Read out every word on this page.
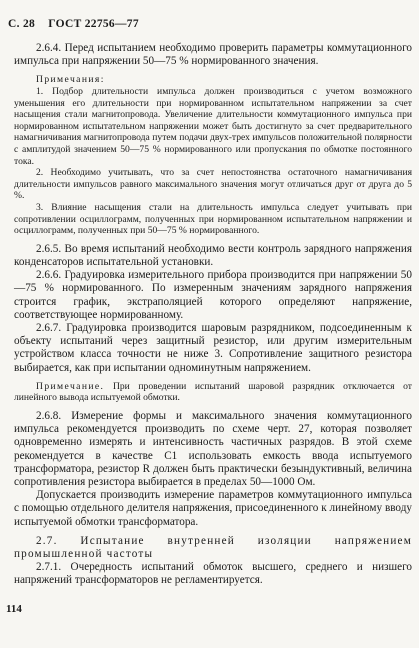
С. 28 ГОСТ 22756—77

2.6.4. Перед испытанием необходимо проверить параметры коммутационного импульса при напряжении 50—75 % нормированного значения.

Примечания:

1. Подбор длительности импульса должен производиться с учетом возможного уменьшения его длительности при нормированном испытательном напряжении за счет насыщения стали магнитопровода. Увеличение длительности коммутационного импульса при нормированном испытательном напряжении может быть достигнуто за счет предварительного намагничивания магнитопровода путем подачи двух-трех импульсов положительной полярности с амплитудой значением 50—75 % нормированного или пропускания по обмотке постоянного тока.

2. Необходимо учитывать, что за счет непостоянства остаточного намагничивания длительности импульсов равного максимального значения могут отличаться друг от друга до 5 %.

3. Влияние насыщения стали на длительность импульса следует учитывать при сопротивлении осциллограмм, полученных при нормированном испытательном напряжении и осциллограмм, полученных при 50—75 % нормированного.

2.6.5. Во время испытаний необходимо вести контроль зарядного напряжения конденсаторов испытательной установки.

2.6.6. Градуировка измерительного прибора производится при напряжении 50—75 % нормированного. По измеренным значениям зарядного напряжения строится график, экстраполяцией которого определяют напряжение, соответствующее нормированному.

2.6.7. Градуировка производится шаровым разрядником, подсоединенным к объекту испытаний через защитный резистор, или другим измерительным устройством класса точности не ниже 3. Сопротивление защитного резистора выбирается, как при испытании одноминутным напряжением.

Примечание. При проведении испытаний шаровой разрядник отключается от линейного вывода испытуемой обмотки.

2.6.8. Измерение формы и максимального значения коммутационного импульса рекомендуется производить по схеме черт. 27, которая позволяет одновременно измерять и интенсивность частичных разрядов. В этой схеме рекомендуется в качестве C1 использовать емкость ввода испытуемого трансформатора, резистор R должен быть практически безындуктивный, величина сопротивления резистора выбирается в пределах 50—1000 Ом.

Допускается производить измерение параметров коммутационного импульса с помощью отдельного делителя напряжения, присоединенного к линейному вводу испытуемой обмотки трансформатора.

2.7. Испытание внутренней изоляции напряжением промышленной частоты

2.7.1. Очередность испытаний обмоток высшего, среднего и низшего напряжений трансформаторов не регламентируется.

114
